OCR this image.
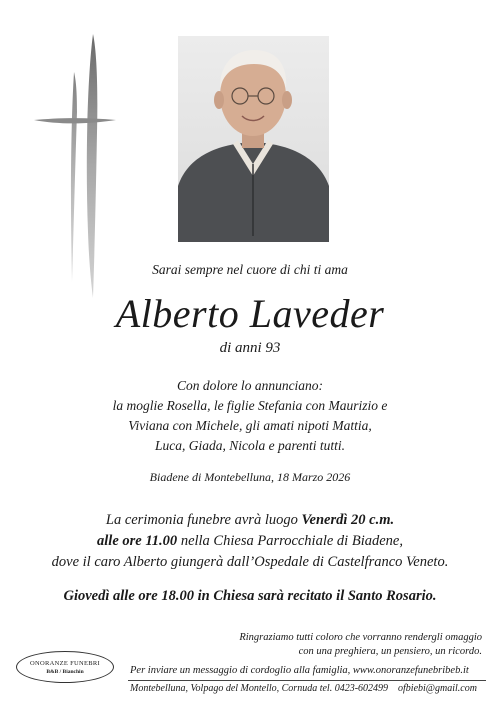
Sarai sempre nel cuore di chi ti ama
Alberto Laveder
di anni 93
Con dolore lo annunciano:
la moglie Rosella, le figlie Stefania con Maurizio e
Viviana con Michele, gli amati nipoti Mattia,
Luca, Giada, Nicola e parenti tutti.
Biadene di Montebelluna, 18 Marzo 2026
La cerimonia funebre avrà luogo Venerdì 20 c.m.
alle ore 11.00 nella Chiesa Parrocchiale di Biadene,
dove il caro Alberto giungerà dall’Ospedale di Castelfranco Veneto.
Giovedì alle ore 18.00 in Chiesa sarà recitato il Santo Rosario.
Ringraziamo tutti coloro che vorranno rendergli omaggio
con una preghiera, un pensiero, un ricordo.
ONORANZE FUNEBRI
B&B / Bianchin	Per inviare un messaggio di cordoglio alla famiglia, www.onoranzefunebribeb.it
Montebelluna, Volpago del Montello, Cornuda tel. 0423-602499    ofbiebi@gmail.com
